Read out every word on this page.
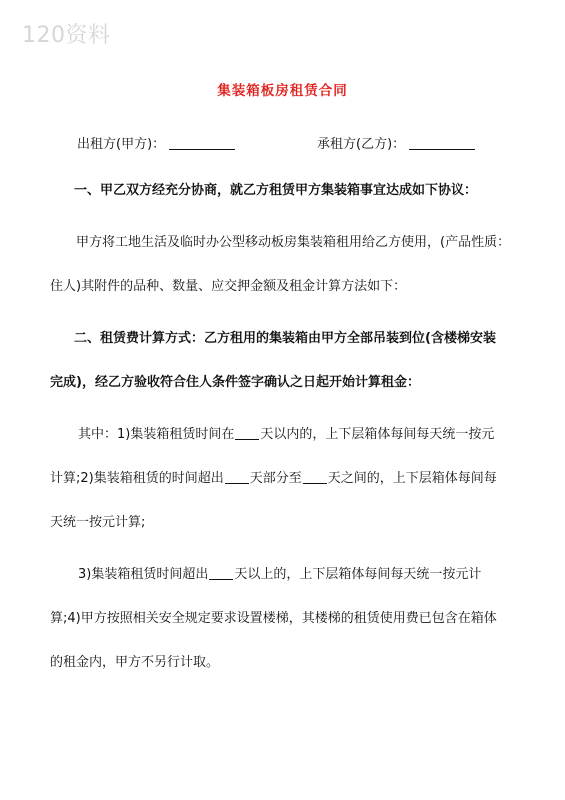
120资料
集装箱板房租赁合同
出租方(甲方)：	承租方(乙方)：
一、甲乙双方经充分协商，就乙方租赁甲方集装箱事宜达成如下协议：
甲方将工地生活及临时办公型移动板房集装箱租用给乙方使用，(产品性质：
住人)其附件的品种、数量、应交押金额及租金计算方法如下：
二、租赁费计算方式：乙方租用的集装箱由甲方全部吊装到位(含楼梯安装
完成)，经乙方验收符合住人条件签字确认之日起开始计算租金：
其中：1)集装箱租赁时间在 天以内的，上下层箱体每间每天统一按元
计算;2)集装箱租赁的时间超出 天部分至 天之间的，上下层箱体每间每
天统一按元计算;
3)集装箱租赁时间超出 天以上的，上下层箱体每间每天统一按元计
算;4)甲方按照相关安全规定要求设置楼梯，其楼梯的租赁使用费已包含在箱体
的租金内，甲方不另行计取。
